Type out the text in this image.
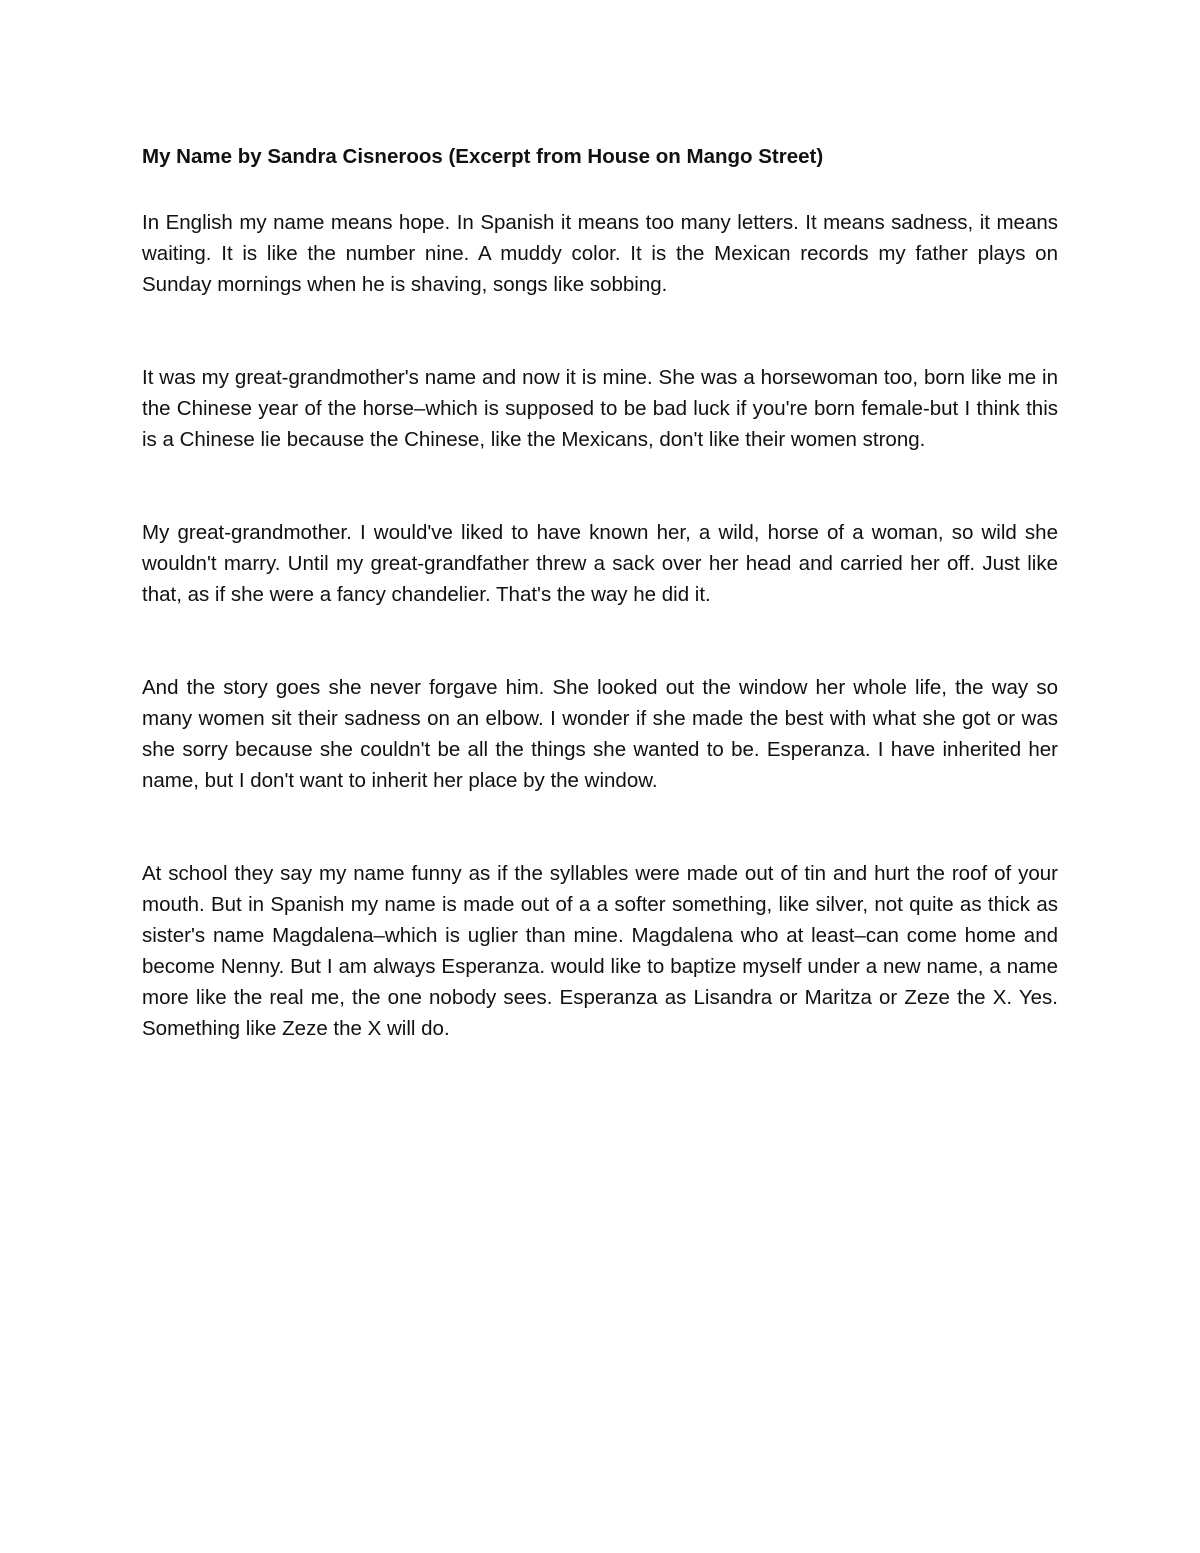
My Name by Sandra Cisneroos (Excerpt from House on Mango Street)

In English my name means hope. In Spanish it means too many letters. It means sadness, it means waiting. It is like the number nine. A muddy color. It is the Mexican records my father plays on Sunday mornings when he is shaving, songs like sobbing.

It was my great-grandmother's name and now it is mine. She was a horsewoman too, born like me in the Chinese year of the horse–which is supposed to be bad luck if you're born female-but I think this is a Chinese lie because the Chinese, like the Mexicans, don't like their women strong.

My great-grandmother. I would've liked to have known her, a wild, horse of a woman, so wild she wouldn't marry. Until my great-grandfather threw a sack over her head and carried her off. Just like that, as if she were a fancy chandelier. That's the way he did it.

And the story goes she never forgave him. She looked out the window her whole life, the way so many women sit their sadness on an elbow. I wonder if she made the best with what she got or was she sorry because she couldn't be all the things she wanted to be. Esperanza. I have inherited her name, but I don't want to inherit her place by the window.

At school they say my name funny as if the syllables were made out of tin and hurt the roof of your mouth. But in Spanish my name is made out of a a softer something, like silver, not quite as thick as sister's name Magdalena–which is uglier than mine. Magdalena who at least–can come home and become Nenny. But I am always Esperanza. would like to baptize myself under a new name, a name more like the real me, the one nobody sees. Esperanza as Lisandra or Maritza or Zeze the X. Yes. Something like Zeze the X will do.
